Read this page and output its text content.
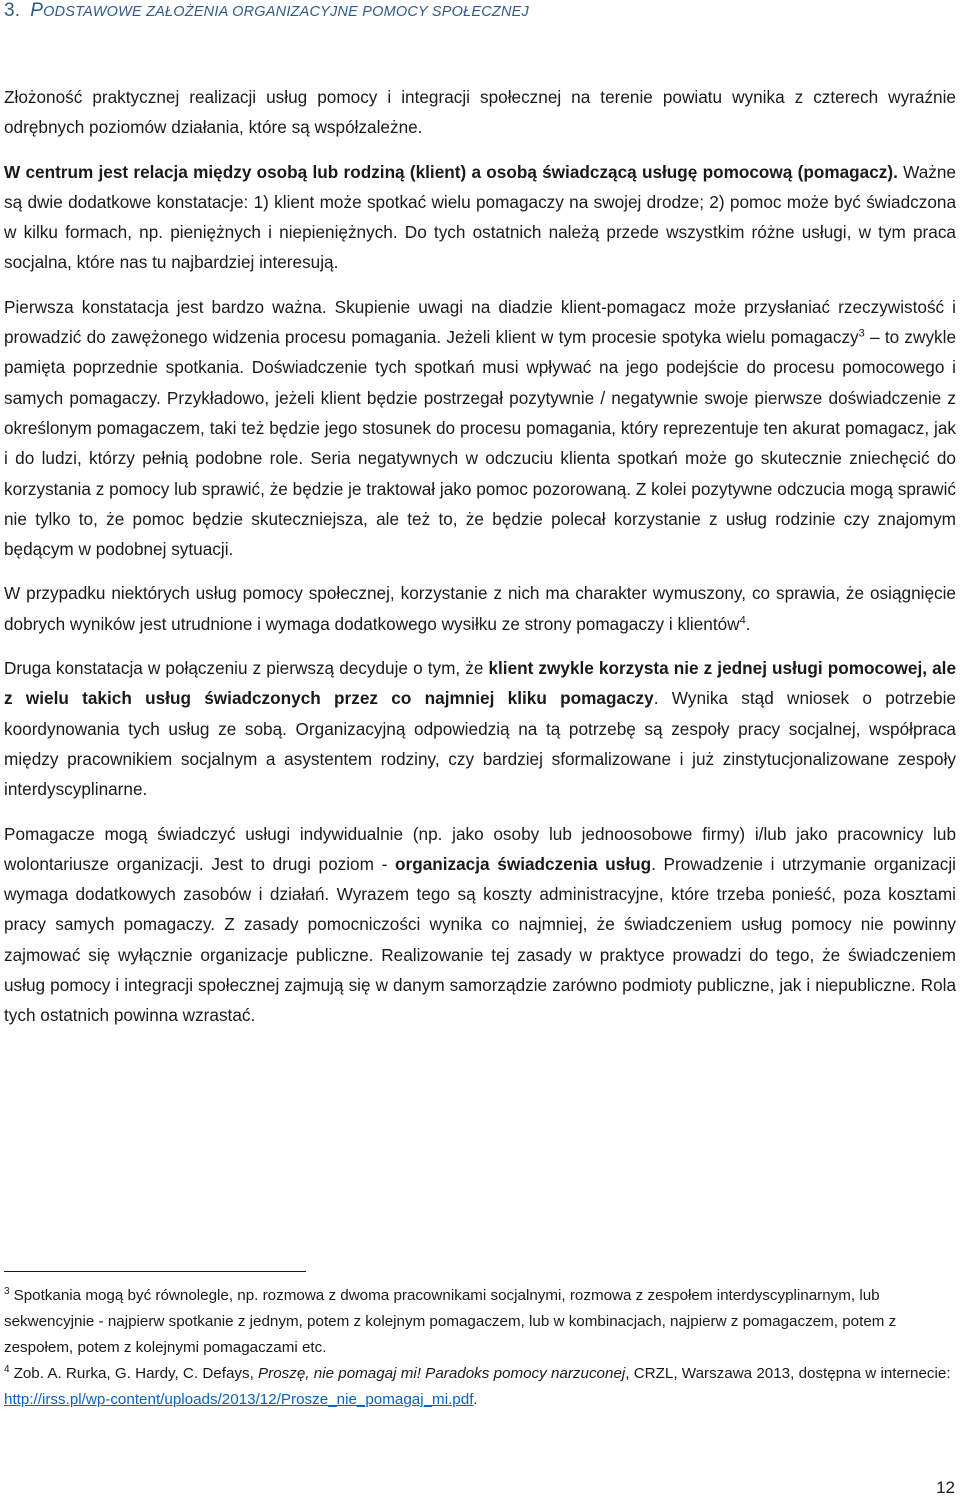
3. PODSTAWOWE ZAŁOŻENIA ORGANIZACYJNE POMOCY SPOŁECZNEJ

Złożoność praktycznej realizacji usług pomocy i integracji społecznej na terenie powiatu wynika z czterech wyraźnie odrębnych poziomów działania, które są współzależne.

W centrum jest relacja między osobą lub rodziną (klient) a osobą świadczącą usługę pomocową (pomagacz). Ważne są dwie dodatkowe konstatacje: 1) klient może spotkać wielu pomagaczy na swojej drodze; 2) pomoc może być świadczona w kilku formach, np. pieniężnych i niepieniężnych. Do tych ostatnich należą przede wszystkim różne usługi, w tym praca socjalna, które nas tu najbardziej interesują.

Pierwsza konstatacja jest bardzo ważna. Skupienie uwagi na diadzie klient-pomagacz może przysłaniać rzeczywistość i prowadzić do zawężonego widzenia procesu pomagania. Jeżeli klient w tym procesie spotyka wielu pomagaczy$^3$ – to zwykle pamięta poprzednie spotkania. Doświadczenie tych spotkań musi wpływać na jego podejście do procesu pomocowego i samych pomagaczy. Przykładowo, jeżeli klient będzie postrzegał pozytywnie / negatywnie swoje pierwsze doświadczenie z określonym pomagaczem, taki też będzie jego stosunek do procesu pomagania, który reprezentuje ten akurat pomagacz, jak i do ludzi, którzy pełnią podobne role. Seria negatywnych w odczuciu klienta spotkań może go skutecznie zniechęcić do korzystania z pomocy lub sprawić, że będzie je traktował jako pomoc pozorowaną. Z kolei pozytywne odczucia mogą sprawić nie tylko to, że pomoc będzie skuteczniejsza, ale też to, że będzie polecał korzystanie z usług rodzinie czy znajomym będącym w podobnej sytuacji.

W przypadku niektórych usług pomocy społecznej, korzystanie z nich ma charakter wymuszony, co sprawia, że osiągnięcie dobrych wyników jest utrudnione i wymaga dodatkowego wysiłku ze strony pomagaczy i klientów$^4$.

Druga konstatacja w połączeniu z pierwszą decyduje o tym, że klient zwykle korzysta nie z jednej usługi pomocowej, ale z wielu takich usług świadczonych przez co najmniej kliku pomagaczy. Wynika stąd wniosek o potrzebie koordynowania tych usług ze sobą. Organizacyjną odpowiedzią na tą potrzebę są zespoły pracy socjalnej, współpraca między pracownikiem socjalnym a asystentem rodziny, czy bardziej sformalizowane i już zinstytucjonalizowane zespoły interdyscyplinarne.

Pomagacze mogą świadczyć usługi indywidualnie (np. jako osoby lub jednoosobowe firmy) i/lub jako pracownicy lub wolontariusze organizacji. Jest to drugi poziom - organizacja świadczenia usług. Prowadzenie i utrzymanie organizacji wymaga dodatkowych zasobów i działań. Wyrazem tego są koszty administracyjne, które trzeba ponieść, poza kosztami pracy samych pomagaczy. Z zasady pomocniczości wynika co najmniej, że świadczeniem usług pomocy nie powinny zajmować się wyłącznie organizacje publiczne. Realizowanie tej zasady w praktyce prowadzi do tego, że świadczeniem usług pomocy i integracji społecznej zajmują się w danym samorządzie zarówno podmioty publiczne, jak i niepubliczne. Rola tych ostatnich powinna wzrastać.

$^3$ Spotkania mogą być równolegle, np. rozmowa z dwoma pracownikami socjalnymi, rozmowa z zespołem interdyscyplinarnym, lub sekwencyjnie - najpierw spotkanie z jednym, potem z kolejnym pomagaczem, lub w kombinacjach, najpierw z pomagaczem, potem z zespołem, potem z kolejnymi pomagaczami etc.

$^4$ Zob. A. Rurka, G. Hardy, C. Defays, Proszę, nie pomagaj mi! Paradoks pomocy narzuconej, CRZL, Warszawa 2013, dostępna w internecie: http://irss.pl/wp-content/uploads/2013/12/Prosze_nie_pomagaj_mi.pdf.

12
